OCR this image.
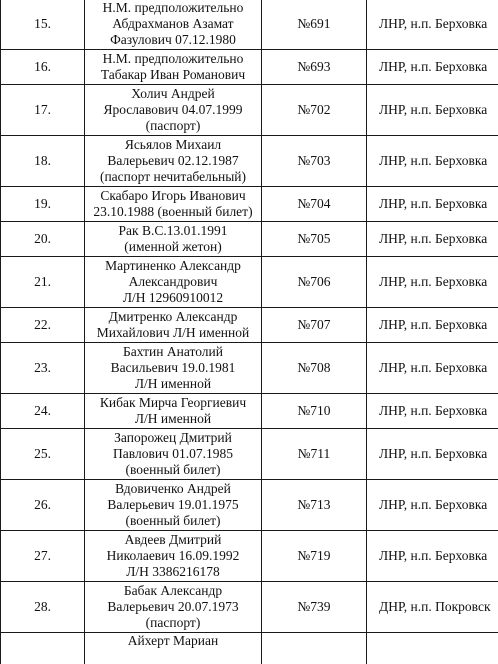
15.	Н.М. предположительно
Абдрахманов Азамат
Фазулович 07.12.1980	№691	ЛНР, н.п. Берховка
16.	Н.М. предположительно
Табакар Иван Романович	№693	ЛНР, н.п. Берховка
17.	Холич Андрей
Ярославович 04.07.1999
(паспорт)	№702	ЛНР, н.п. Берховка
18.	Ясьялов Михаил
Валерьевич 02.12.1987
(паспорт нечитабельный)	№703	ЛНР, н.п. Берховка
19.	Скабаро Игорь Иванович
23.10.1988 (военный билет)	№704	ЛНР, н.п. Берховка
20.	Рак В.С.13.01.1991
(именной жетон)	№705	ЛНР, н.п. Берховка
21.	Мартиненко Александр
Александрович
Л/Н 12960910012	№706	ЛНР, н.п. Берховка
22.	Дмитренко Александр
Михайлович Л/Н именной	№707	ЛНР, н.п. Берховка
23.	Бахтин Анатолий
Васильевич 19.0.1981
Л/Н именной	№708	ЛНР, н.п. Берховка
24.	Кибак Мирча Георгиевич
Л/Н именной	№710	ЛНР, н.п. Берховка
25.	Запорожец Дмитрий
Павлович 01.07.1985
(военный билет)	№711	ЛНР, н.п. Берховка
26.	Вдовиченко Андрей
Валерьевич 19.01.1975
(военный билет)	№713	ЛНР, н.п. Берховка
27.	Авдеев Дмитрий
Николаевич 16.09.1992
Л/Н 3386216178	№719	ЛНР, н.п. Берховка
28.	Бабак Александр
Валерьевич 20.07.1973
(паспорт)	№739	ДНР, н.п. Покровск

	Айхерт Мариан		
